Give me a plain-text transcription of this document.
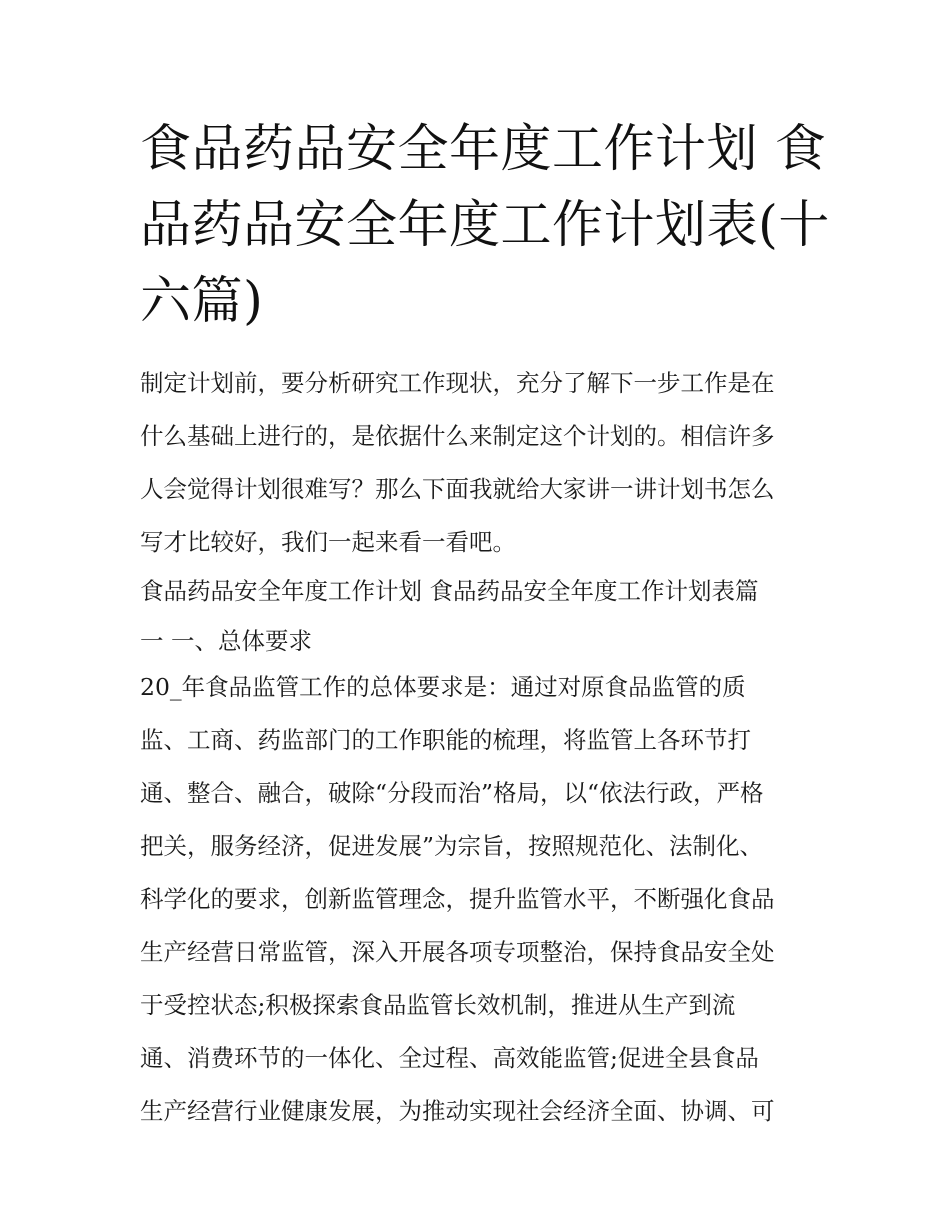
食品药品安全年度工作计划 食
品药品安全年度工作计划表(十
六篇)

制定计划前，要分析研究工作现状，充分了解下一步工作是在
什么基础上进行的，是依据什么来制定这个计划的。相信许多
人会觉得计划很难写？那么下面我就给大家讲一讲计划书怎么
写才比较好，我们一起来看一看吧。

食品药品安全年度工作计划 食品药品安全年度工作计划表篇
一 一、总体要求

20_年食品监管工作的总体要求是：通过对原食品监管的质
监、工商、药监部门的工作职能的梳理，将监管上各环节打
通、整合、融合，破除“分段而治”格局，以“依法行政，严格
把关，服务经济，促进发展”为宗旨，按照规范化、法制化、
科学化的要求，创新监管理念，提升监管水平，不断强化食品
生产经营日常监管，深入开展各项专项整治，保持食品安全处
于受控状态;积极探索食品监管长效机制，推进从生产到流
通、消费环节的一体化、全过程、高效能监管;促进全县食品
生产经营行业健康发展，为推动实现社会经济全面、协调、可
